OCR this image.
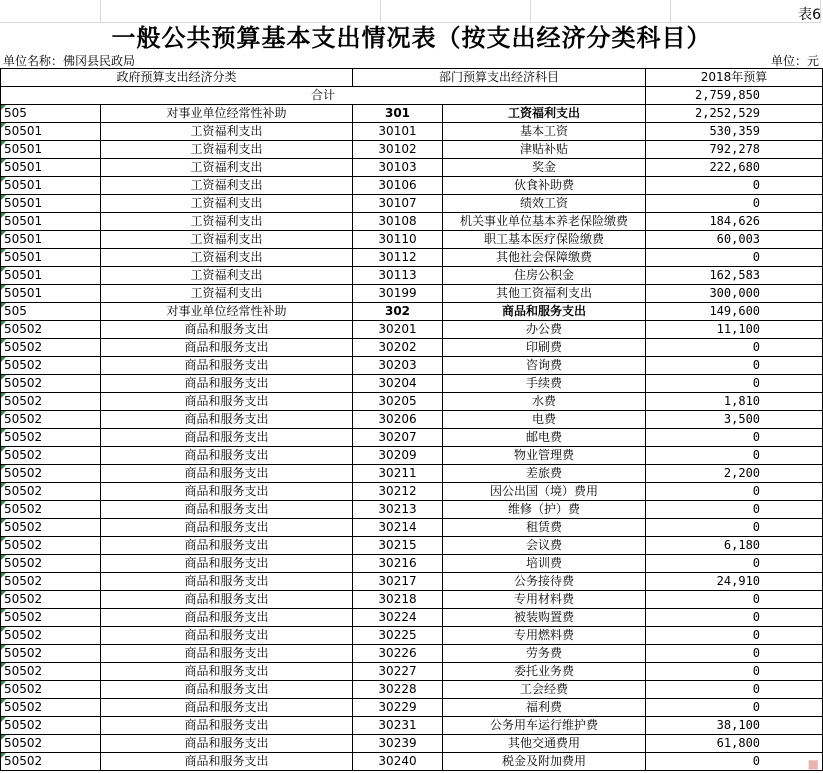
表6
一般公共预算基本支出情况表（按支出经济分类科目）
单位名称：佛冈县民政局	单位：元
政府预算支出经济分类		部门预算支出经济科目		2018年预算
合计				2,759,850
505	对事业单位经常性补助	301	工资福利支出	2,252,529
50501	工资福利支出	30101	基本工资	530,359
50501	工资福利支出	30102	津贴补贴	792,278
50501	工资福利支出	30103	奖金	222,680
50501	工资福利支出	30106	伙食补助费	0
50501	工资福利支出	30107	绩效工资	0
50501	工资福利支出	30108	机关事业单位基本养老保险缴费	184,626
50501	工资福利支出	30110	职工基本医疗保险缴费	60,003
50501	工资福利支出	30112	其他社会保障缴费	0
50501	工资福利支出	30113	住房公积金	162,583
50501	工资福利支出	30199	其他工资福利支出	300,000
505	对事业单位经常性补助	302	商品和服务支出	149,600
50502	商品和服务支出	30201	办公费	11,100
50502	商品和服务支出	30202	印刷费	0
50502	商品和服务支出	30203	咨询费	0
50502	商品和服务支出	30204	手续费	0
50502	商品和服务支出	30205	水费	1,810
50502	商品和服务支出	30206	电费	3,500
50502	商品和服务支出	30207	邮电费	0
50502	商品和服务支出	30209	物业管理费	0
50502	商品和服务支出	30211	差旅费	2,200
50502	商品和服务支出	30212	因公出国（境）费用	0
50502	商品和服务支出	30213	维修（护）费	0
50502	商品和服务支出	30214	租赁费	0
50502	商品和服务支出	30215	会议费	6,180
50502	商品和服务支出	30216	培训费	0
50502	商品和服务支出	30217	公务接待费	24,910
50502	商品和服务支出	30218	专用材料费	0
50502	商品和服务支出	30224	被装购置费	0
50502	商品和服务支出	30225	专用燃料费	0
50502	商品和服务支出	30226	劳务费	0
50502	商品和服务支出	30227	委托业务费	0
50502	商品和服务支出	30228	工会经费	0
50502	商品和服务支出	30229	福利费	0
50502	商品和服务支出	30231	公务用车运行维护费	38,100
50502	商品和服务支出	30239	其他交通费用	61,800
50502	商品和服务支出	30240	税金及附加费用	0	■
